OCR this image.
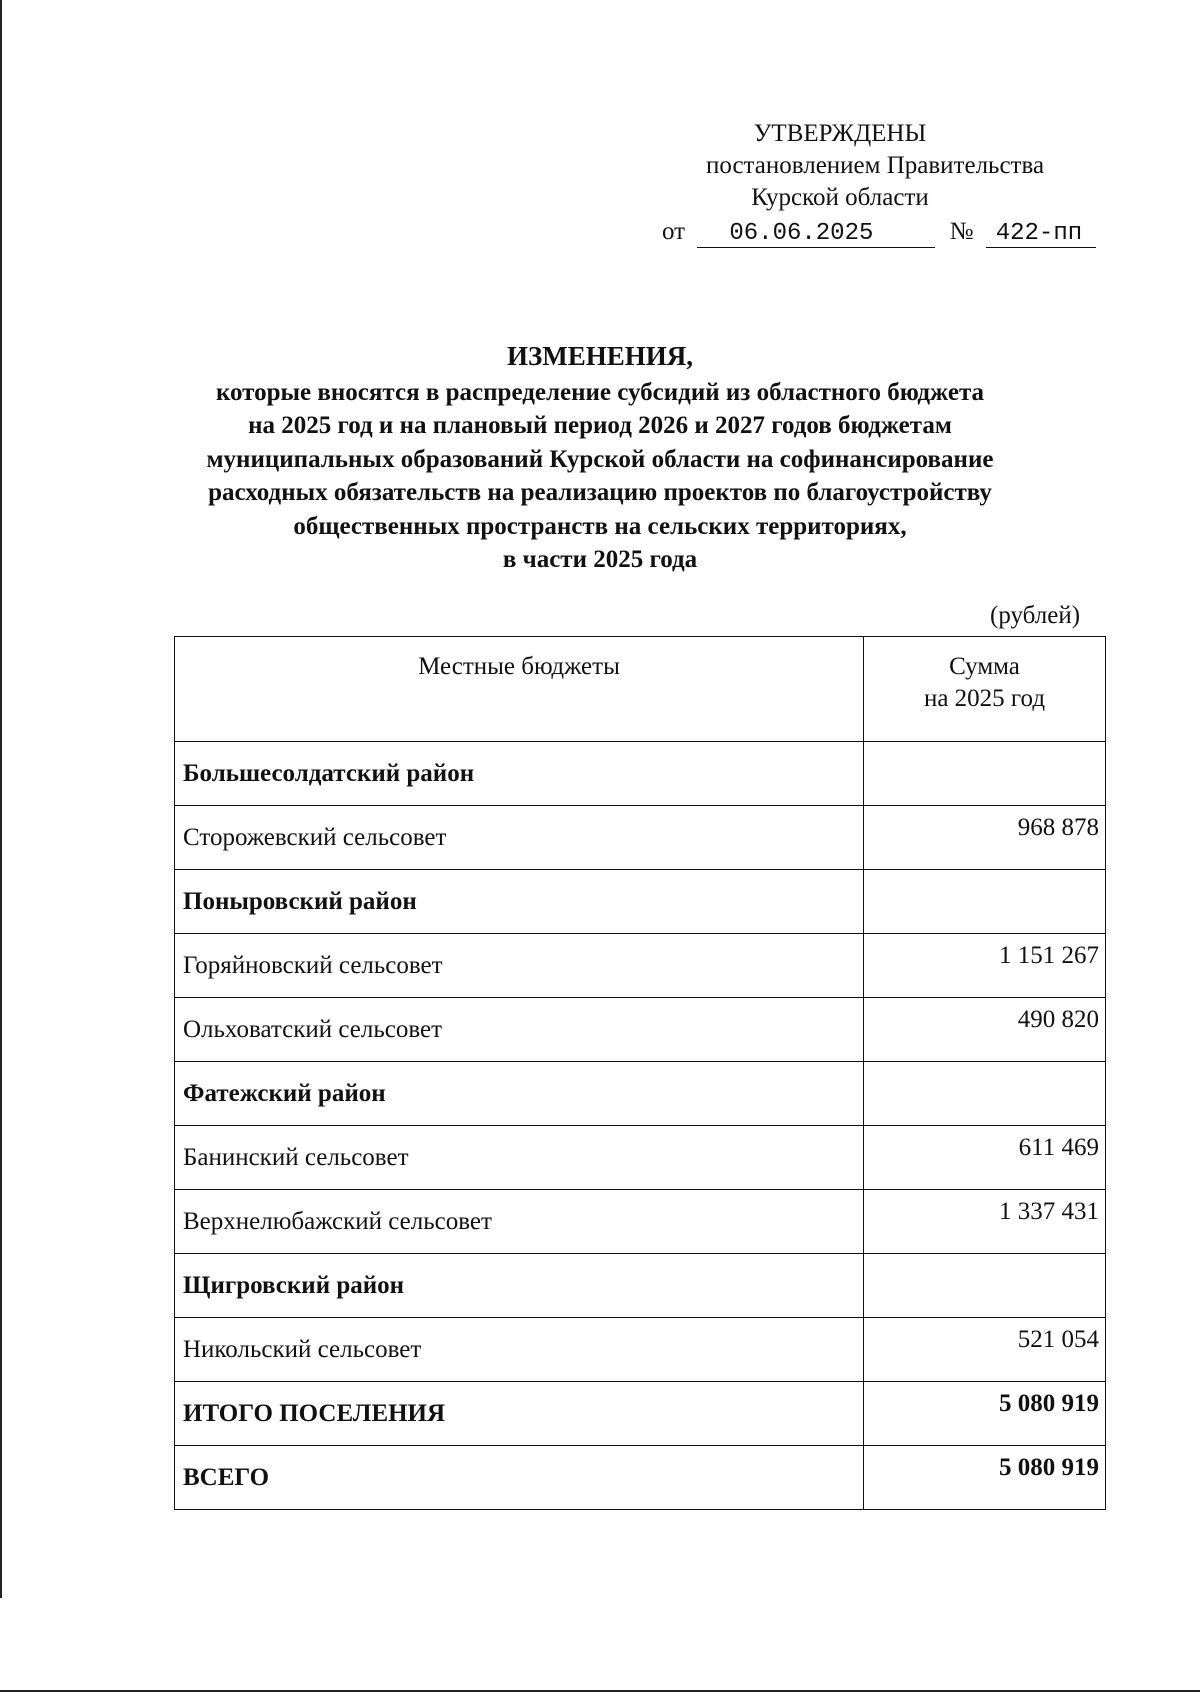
УТВЕРЖДЕНЫ
постановлением Правительства
Курской области
от 06.06.2025	№ 422-пп
ИЗМЕНЕНИЯ,
которые вносятся в распределение субсидий из областного бюджета
на 2025 год и на плановый период 2026 и 2027 годов бюджетам
муниципальных образований Курской области на софинансирование
расходных обязательств на реализацию проектов по благоустройству
общественных пространств на сельских территориях,
в части 2025 года
(рублей)
Местные бюджеты	Сумма
на 2025 год
Большесолдатский район	
Сторожевский сельсовет	968 878
Поныровский район	
Горяйновский сельсовет	1 151 267
Ольховатский сельсовет	490 820
Фатежский район	
Банинский сельсовет	611 469
Верхнелюбажский сельсовет	1 337 431
Щигровский район	
Никольский сельсовет	521 054
ИТОГО ПОСЕЛЕНИЯ	5 080 919
ВСЕГО	5 080 919
